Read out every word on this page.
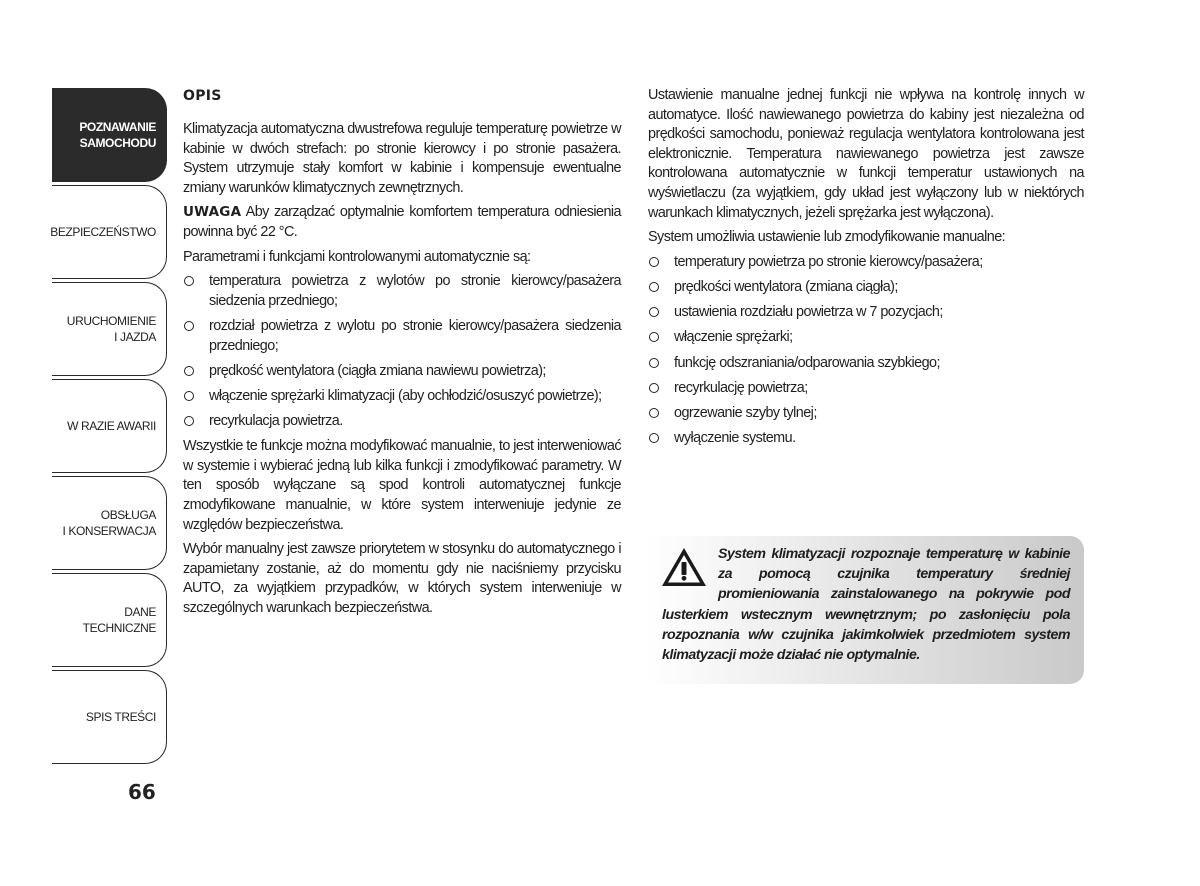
POZNAWANIE
SAMOCHODU
BEZPIECZEŃSTWO
URUCHOMIENIE
I JAZDA
W RAZIE AWARII
OBSŁUGA
I KONSERWACJA
DANE
TECHNICZNE
SPIS TREŚCI
66
OPIS

Klimatyzacja automatyczna dwustrefowa reguluje temperaturę powietrze w kabinie w dwóch strefach: po stronie kierowcy i po stronie pasażera. System utrzymuje stały komfort w kabinie i kompensuje ewentualne zmiany warunków klimatycznych zewnętrznych.

UWAGA Aby zarządzać optymalnie komfortem temperatura odniesienia powinna być 22 °C.

Parametrami i funkcjami kontrolowanymi automatycznie są:

temperatura powietrza z wylotów po stronie kierowcy/pasażera siedzenia przedniego;
rozdział powietrza z wylotu po stronie kierowcy/pasażera siedzenia przedniego;
prędkość wentylatora (ciągła zmiana nawiewu powietrza);
włączenie sprężarki klimatyzacji (aby ochłodzić/osuszyć powietrze);
recyrkulacja powietrza.

Wszystkie te funkcje można modyfikować manualnie, to jest interweniować w systemie i wybierać jedną lub kilka funkcji i zmodyfikować parametry. W ten sposób wyłączane są spod kontroli automatycznej funkcje zmodyfikowane manualnie, w które system interweniuje jedynie ze względów bezpieczeństwa.

Wybór manualny jest zawsze priorytetem w stosynku do automatycznego i zapamietany zostanie, aż do momentu gdy nie naciśniemy przycisku AUTO, za wyjątkiem przypadków, w których system interweniuje w szczególnych warunkach bezpieczeństwa.

Ustawienie manualne jednej funkcji nie wpływa na kontrolę innych w automatyce. Ilość nawiewanego powietrza do kabiny jest niezależna od prędkości samochodu, ponieważ regulacja wentylatora kontrolowana jest elektronicznie. Temperatura nawiewanego powietrza jest zawsze kontrolowana automatycznie w funkcji temperatur ustawionych na wyświetlaczu (za wyjątkiem, gdy układ jest wyłączony lub w niektórych warunkach klimatycznych, jeżeli sprężarka jest wyłączona).

System umożliwia ustawienie lub zmodyfikowanie manualne:

temperatury powietrza po stronie kierowcy/pasażera;
prędkości wentylatora (zmiana ciągła);
ustawienia rozdziału powietrza w 7 pozycjach;
włączenie sprężarki;
funkcję odszraniania/odparowania szybkiego;
recyrkulację powietrza;
ogrzewanie szyby tylnej;
wyłączenie systemu.

System klimatyzacji rozpoznaje temperaturę w kabinie za pomocą czujnika temperatury średniej promieniowania zainstalowanego na pokrywie pod lusterkiem wstecznym wewnętrznym; po zasłonięciu pola rozpoznania w/w czujnika jakimkolwiek przedmiotem system klimatyzacji może działać nie optymalnie.
